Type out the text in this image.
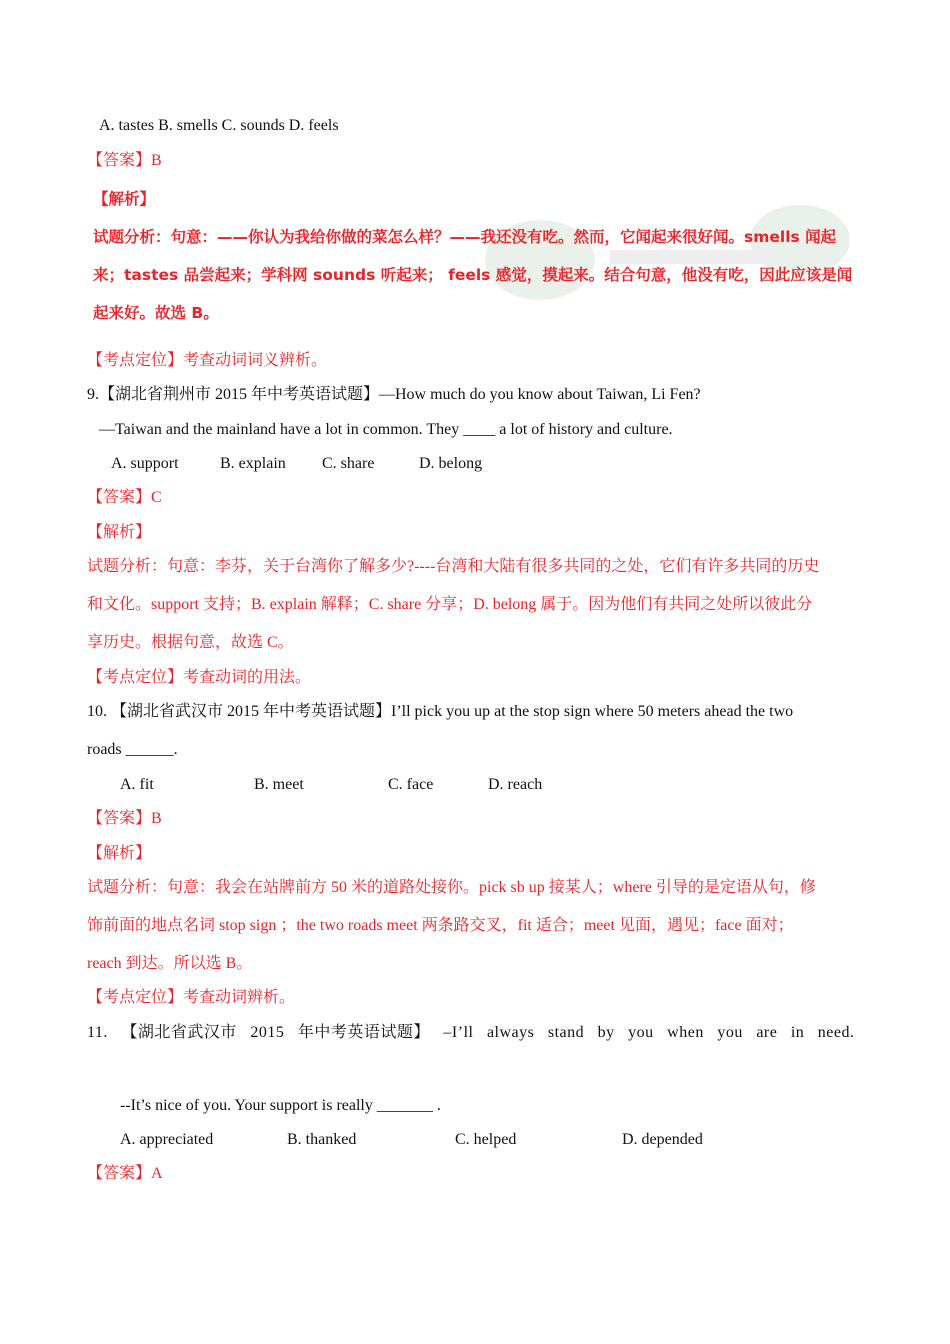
A. tastes B. smells C. sounds D. feels
【答案】B
【解析】
试题分析：句意：——你认为我给你做的菜怎么样？——我还没有吃。然而，它闻起来很好闻。smells 闻起
来；tastes 品尝起来；学科网 sounds 听起来； feels 感觉，摸起来。结合句意，他没有吃，因此应该是闻
起来好。故选 B。
【考点定位】考查动词词义辨析。
9.【湖北省荆州市 2015 年中考英语试题】—How much do you know about Taiwan, Li Fen?
—Taiwan and the mainland have a lot in common. They ____ a lot of history and culture.
A. support	B. explain C. share	D. belong
【答案】C
【解析】
试题分析：句意：李芬，关于台湾你了解多少?----台湾和大陆有很多共同的之处，它们有许多共同的历史
和文化。support 支持；B. explain 解释；C. share 分享；D. belong 属于。因为他们有共同之处所以彼此分
享历史。根据句意，故选 C。
【考点定位】考查动词的用法。
10. 【湖北省武汉市 2015 年中考英语试题】I’ll pick you up at the stop sign where 50 meters ahead the two
roads ______.
A. fit	B. meet	C. face	D. reach
【答案】B
【解析】
试题分析：句意：我会在站牌前方 50 米的道路处接你。pick sb up 接某人；where 引导的是定语从句，修
饰前面的地点名词 stop sign ；the two roads meet 两条路交叉，fit 适合；meet 见面，遇见；face 面对；
reach 到达。所以选 B。
【考点定位】考查动词辨析。
11. 【湖北省武汉市 2015 年中考英语试题】 –I’ll always stand by you when you are in need.
--It’s nice of you. Your support is really _______ .
A. appreciated	B. thanked	C. helped	D. depended
【答案】A
